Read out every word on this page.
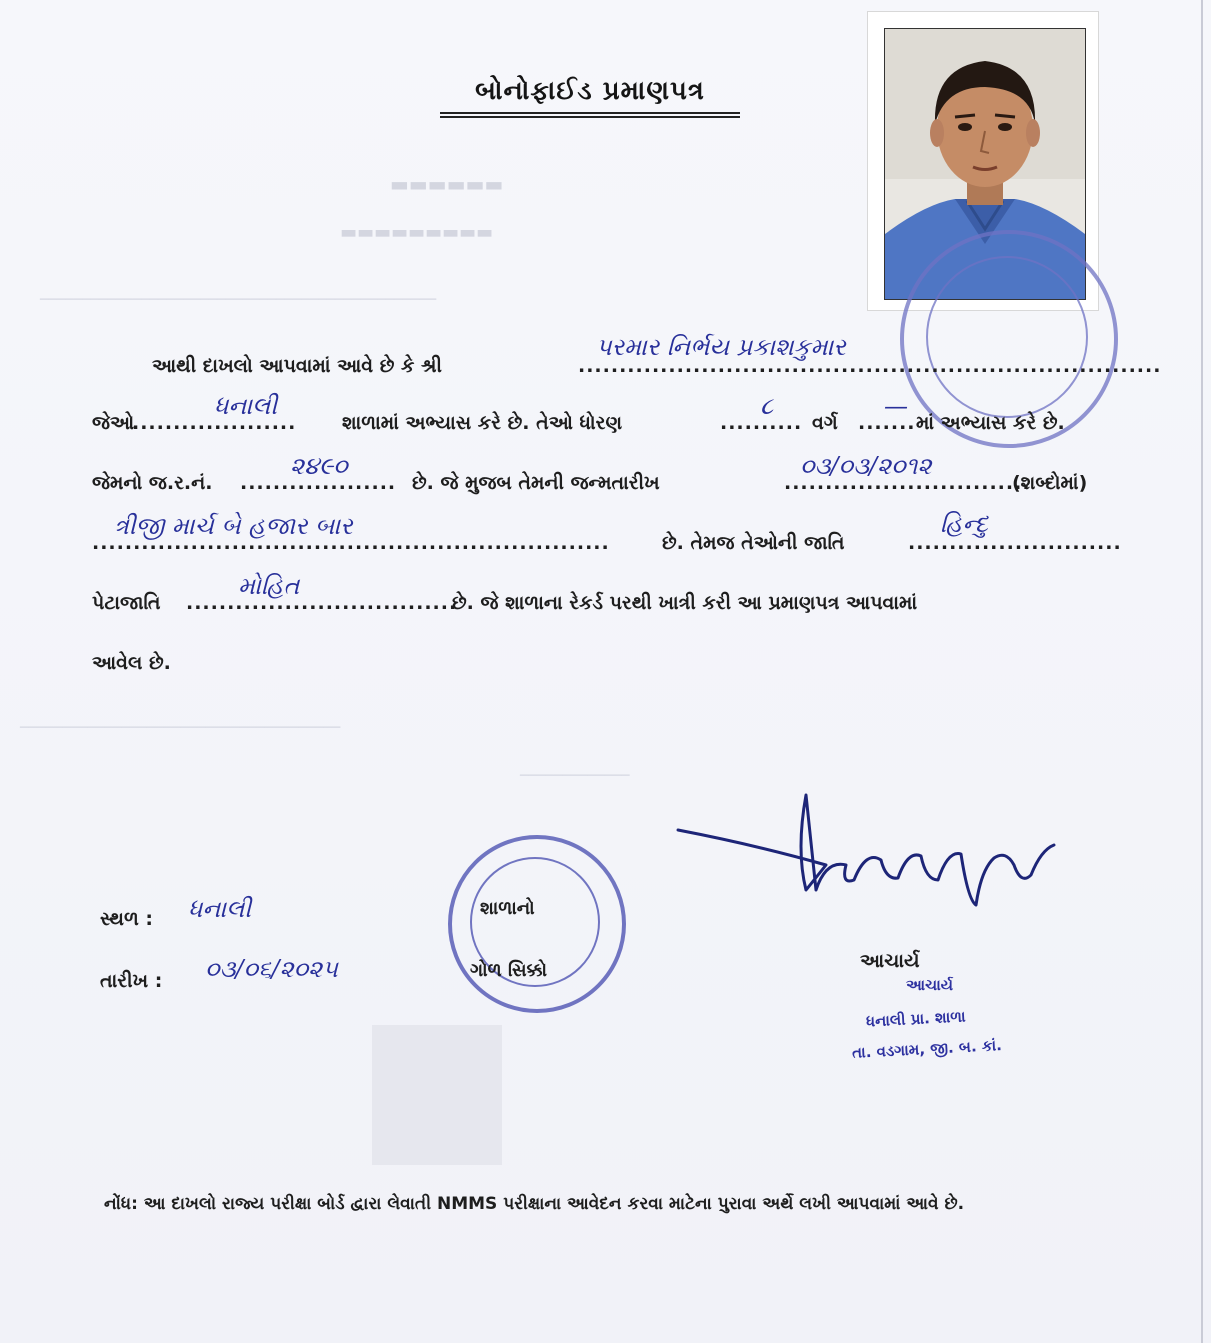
▬▬▬▬▬▬
▬▬▬▬▬▬▬▬▬
───────────────────────────────────────────────
──────────────────────────────────────
─────────────
બોનોફાઈડ પ્રમાણપત્ર
આથી દાખલો આપવામાં આવે છે કે શ્રી	.......................................................................
પરમાર નિર્ભય પ્રકાશકુમાર
જેઓ
....................
ધનાલી
શાળામાં અભ્યાસ કરે છે. તેઓ ધોરણ	..........
૮
વર્ગ .......
—
માં અભ્યાસ કરે છે.
જેમનો જ.ર.નં. ...................
૨૪૯૦
છે. જે મુજબ તેમની જન્મતારીખ	..............................
૦૩/૦૩/૨૦૧૨
(શબ્દોમાં)
...............................................................
ત્રીજી માર્ચ બે હજાર બાર
છે. તેમજ તેઓની જાતિ	..........................
હિન્દુ
પેટાજાતિ .................................
મોહિત
છે. જે શાળાના રેકર્ડ પરથી ખાત્રી કરી આ પ્રમાણપત્ર આપવામાં
આવેલ છે.
શાળાનો
ગોળ સિક્કો
સ્થળ : ધનાલી
તારીખ : ૦૩/૦૬/૨૦૨૫	આચાર્ય
આચાર્ય
ધનાલી પ્રા. શાળા
તા. વડગામ, જી. બ. કાં.
નોંધ: આ દાખલો રાજ્ય પરીક્ષા બોર્ડ દ્વારા લેવાતી NMMS પરીક્ષાના આવેદન કરવા માટેના પુરાવા અર્થે લખી આપવામાં આવે છે.
